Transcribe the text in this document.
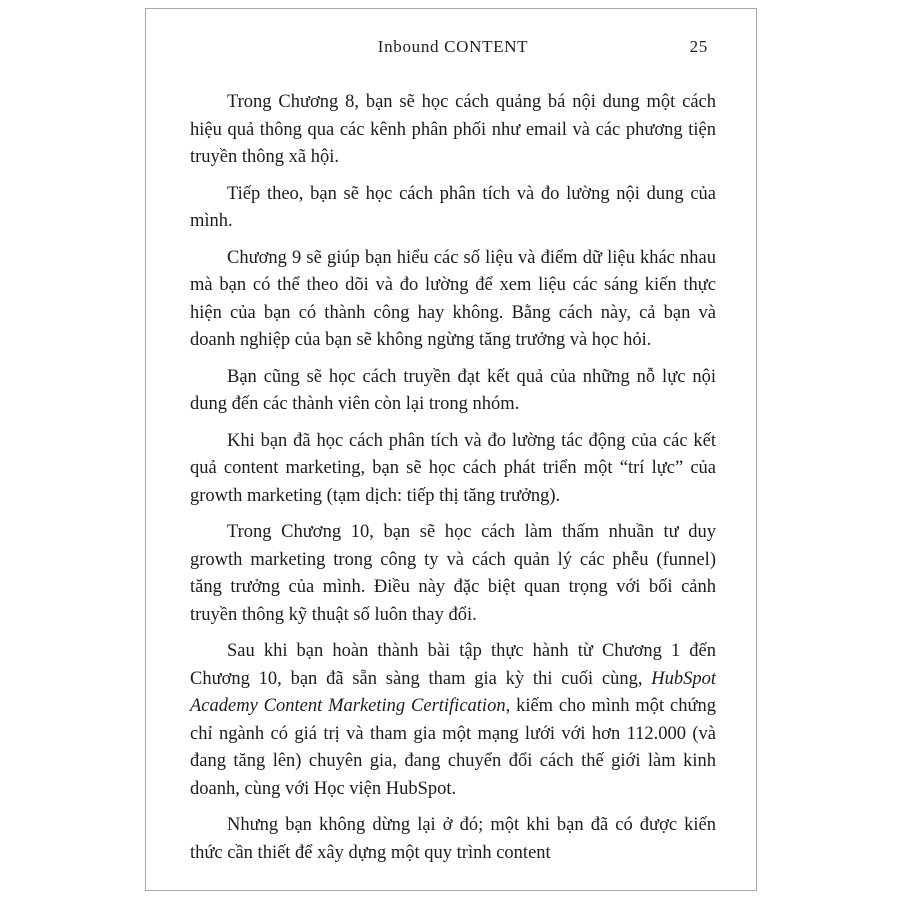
Inbound CONTENT	25

Trong Chương 8, bạn sẽ học cách quảng bá nội dung một cách hiệu quả thông qua các kênh phân phối như email và các phương tiện truyền thông xã hội.

Tiếp theo, bạn sẽ học cách phân tích và đo lường nội dung của mình.

Chương 9 sẽ giúp bạn hiểu các số liệu và điểm dữ liệu khác nhau mà bạn có thể theo dõi và đo lường để xem liệu các sáng kiến thực hiện của bạn có thành công hay không. Bằng cách này, cả bạn và doanh nghiệp của bạn sẽ không ngừng tăng trưởng và học hỏi.

Bạn cũng sẽ học cách truyền đạt kết quả của những nỗ lực nội dung đến các thành viên còn lại trong nhóm.

Khi bạn đã học cách phân tích và đo lường tác động của các kết quả content marketing, bạn sẽ học cách phát triển một “trí lực” của growth marketing (tạm dịch: tiếp thị tăng trưởng).

Trong Chương 10, bạn sẽ học cách làm thấm nhuần tư duy growth marketing trong công ty và cách quản lý các phễu (funnel) tăng trưởng của mình. Điều này đặc biệt quan trọng với bối cảnh truyền thông kỹ thuật số luôn thay đổi.

Sau khi bạn hoàn thành bài tập thực hành từ Chương 1 đến Chương 10, bạn đã sẵn sàng tham gia kỳ thi cuối cùng, HubSpot Academy Content Marketing Certification, kiếm cho mình một chứng chỉ ngành có giá trị và tham gia một mạng lưới với hơn 112.000 (và đang tăng lên) chuyên gia, đang chuyển đổi cách thế giới làm kinh doanh, cùng với Học viện HubSpot.

Nhưng bạn không dừng lại ở đó; một khi bạn đã có được kiến thức cần thiết để xây dựng một quy trình content
